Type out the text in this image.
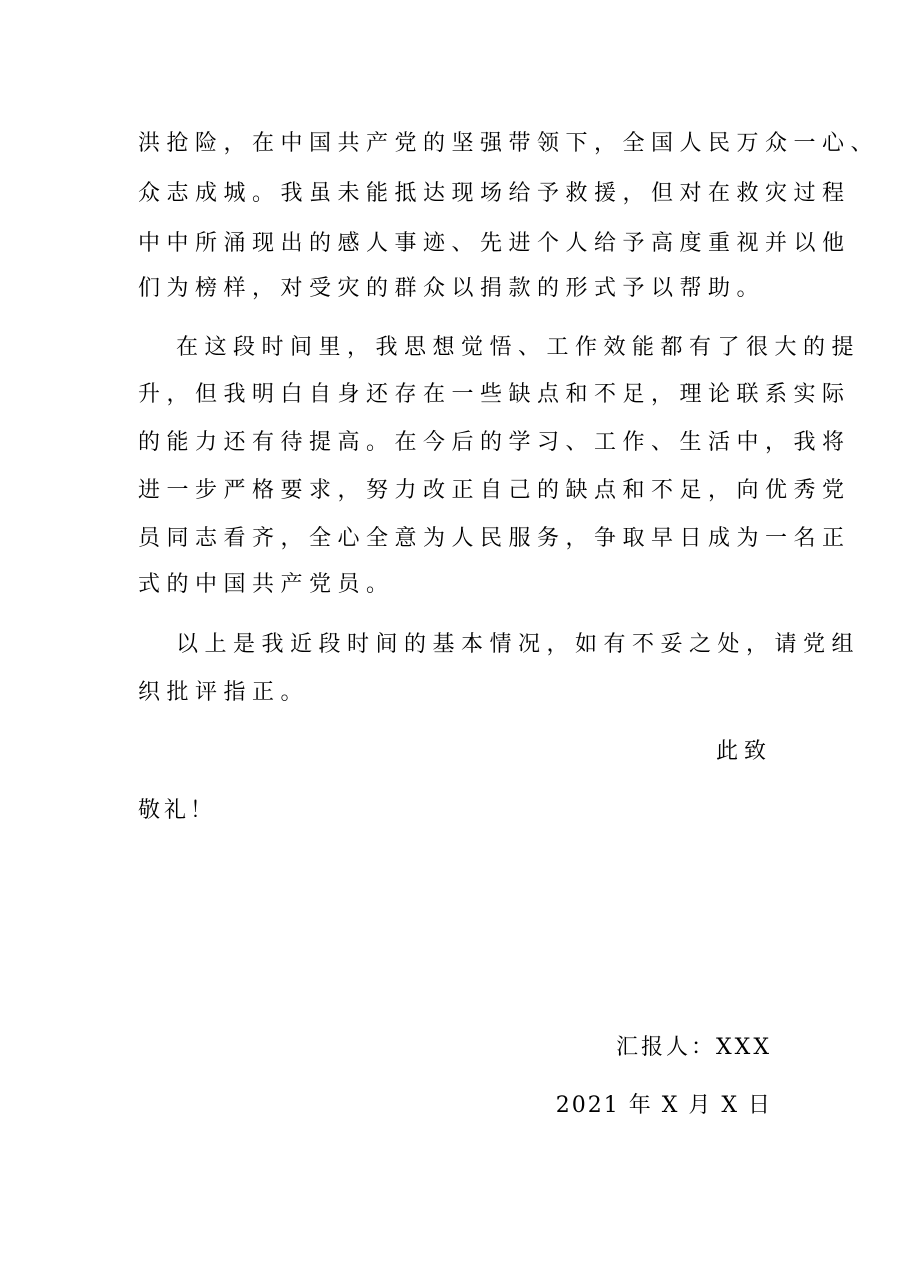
洪抢险，在中国共产党的坚强带领下，全国人民万众一心、
众志成城。我虽未能抵达现场给予救援，但对在救灾过程
中中所涌现出的感人事迹、先进个人给予高度重视并以他
们为榜样，对受灾的群众以捐款的形式予以帮助。
在这段时间里，我思想觉悟、工作效能都有了很大的提
升，但我明白自身还存在一些缺点和不足，理论联系实际
的能力还有待提高。在今后的学习、工作、生活中，我将
进一步严格要求，努力改正自己的缺点和不足，向优秀党
员同志看齐，全心全意为人民服务，争取早日成为一名正
式的中国共产党员。
以上是我近段时间的基本情况，如有不妥之处，请党组
织批评指正。
此致
敬礼！
汇报人：XXX
2021 年 X 月 X 日
